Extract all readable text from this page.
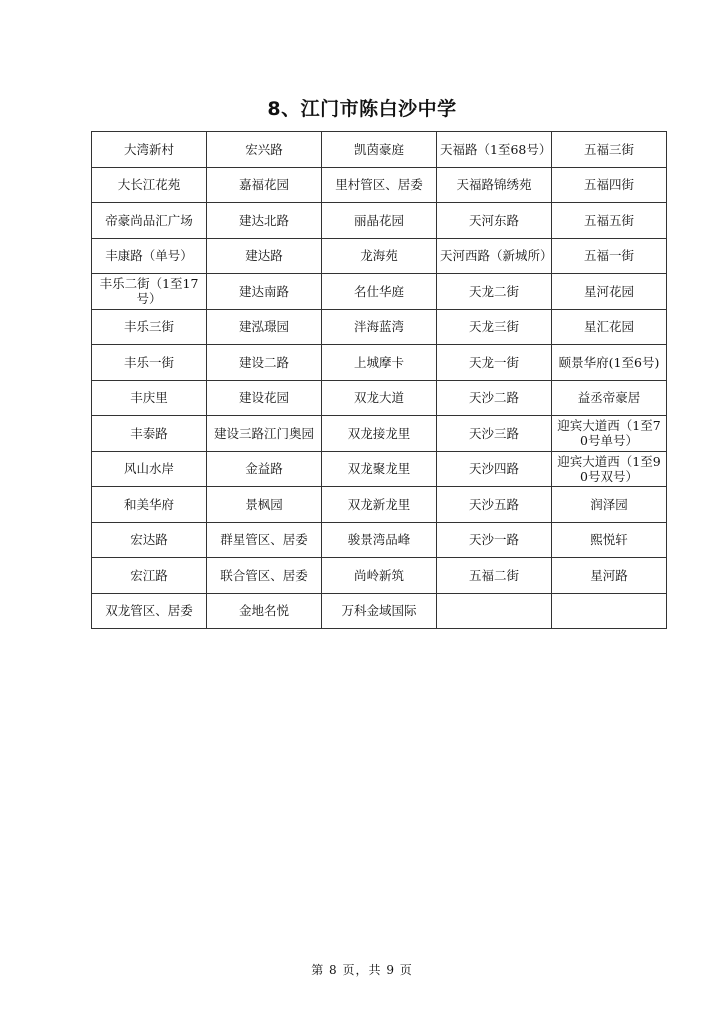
8、江门市陈白沙中学
大湾新村	宏兴路	凯茵豪庭	天福路（1至68号）	五福三街
大长江花苑	嘉福花园	里村管区、居委	天福路锦绣苑	五福四街
帝豪尚品汇广场	建达北路	丽晶花园	天河东路	五福五街
丰康路（单号）	建达路	龙海苑	天河西路（新城所）	五福一街
丰乐二街（1至17号）	建达南路	名仕华庭	天龙二街	星河花园
丰乐三街	建泓璟园	泮海蓝湾	天龙三街	星汇花园
丰乐一街	建设二路	上城摩卡	天龙一街	颐景华府(1至6号)
丰庆里	建设花园	双龙大道	天沙二路	益丞帝豪居
丰泰路	建设三路江门奥园	双龙接龙里	天沙三路	迎宾大道西（1至70号单号）
风山水岸	金益路	双龙聚龙里	天沙四路	迎宾大道西（1至90号双号）
和美华府	景枫园	双龙新龙里	天沙五路	润泽园
宏达路	群星管区、居委	骏景湾品峰	天沙一路	熙悦轩
宏江路	联合管区、居委	尚岭新筑	五福二街	星河路
双龙管区、居委	金地名悦	万科金域国际		
第 8 页，共 9 页
